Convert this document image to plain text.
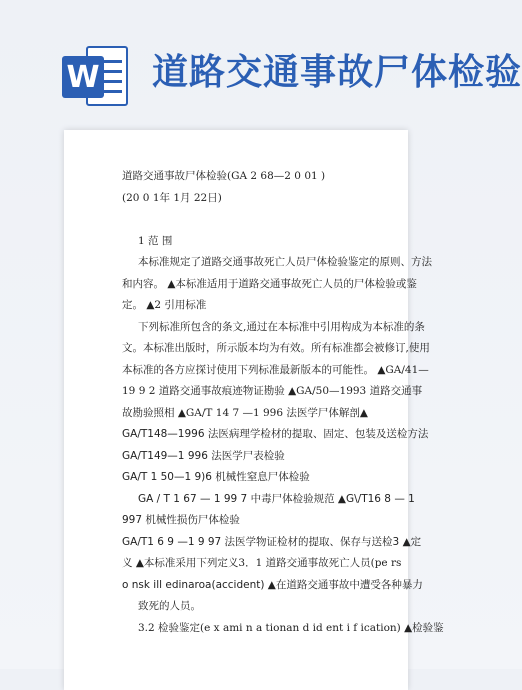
W 道路交通事故尸体检验

道路交通事故尸体检验(GA 2 68—2 0 01 )

(20 0 1年 1月 22日)

1 范 围

本标准规定了道路交通事故死亡人员尸体检验鉴定的原则、方法

和内容。 ▲本标准适用于道路交通事故死亡人员的尸体检验或鉴

定。 ▲2 引用标准

下列标准所包含的条文,通过在本标准中引用构成为本标准的条

文。本标准出版时，所示版本均为有效。所有标准都会被修订,使用

本标准的各方应探讨使用下列标准最新版本的可能性。 ▲GA/41—

19 9 2 道路交通事故痕迹物证勘验 ▲GA/50—1993 道路交通事

故勘验照相 ▲GA/T 14 7 —1 996 法医学尸体解剖▲

GA/T148—1996 法医病理学检材的提取、固定、包装及送检方法

GA/T149—1 996 法医学尸表检验

GA/T 1 50—1 9)6 机械性窒息尸体检验

GA / T 1 67 — 1 99 7 中毒尸体检验规范 ▲G\/T16 8 — 1

997 机械性损伤尸体检验

GA/T1 6 9 —1 9 97 法医学物证检材的提取、保存与送检3 ▲定

义 ▲本标准采用下列定义3．1 道路交通事故死亡人员(pe rs

o nsk ill edinaroa(accident) ▲在道路交通事故中遭受各种暴力

致死的人员。

3.2 检验鉴定(e x ami n a tionan d id ent i f ication) ▲检验鉴
